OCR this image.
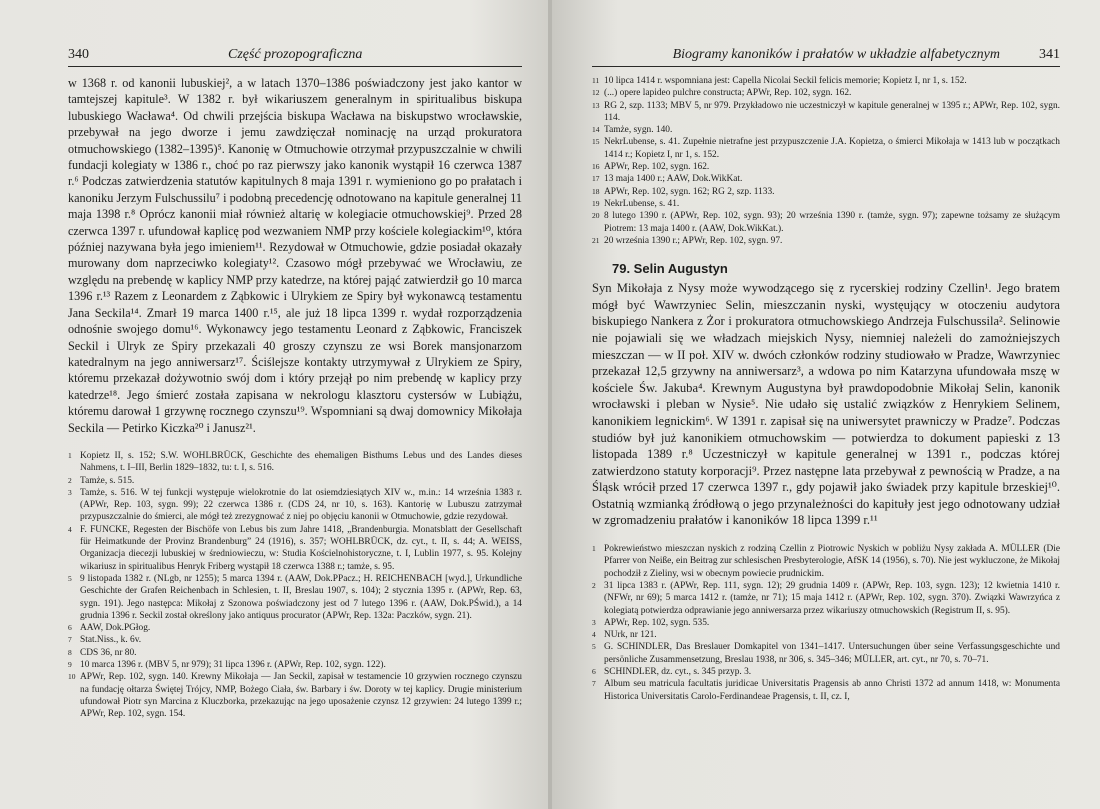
340	Część prozopograficzna

w 1368 r. od kanonii lubuskiej², a w latach 1370–1386 poświadczony jest jako kantor w tamtejszej kapitule³. W 1382 r. był wikariuszem generalnym in spiritualibus biskupa lubuskiego Wacława⁴. Od chwili przejścia biskupa Wacława na biskupstwo wrocławskie, przebywał na jego dworze i jemu zawdzięczał nominację na urząd prokuratora otmuchowskiego (1382–1395)⁵. Kanonię w Otmuchowie otrzymał przypuszczalnie w chwili fundacji kolegiaty w 1386 r., choć po raz pierwszy jako kanonik wystąpił 16 czerwca 1387 r.⁶ Podczas zatwierdzenia statutów kapitulnych 8 maja 1391 r. wymieniono go po prałatach i kanoniku Jerzym Fulschussilu⁷ i podobną precedencję odnotowano na kapitule generalnej 11 maja 1398 r.⁸ Oprócz kanonii miał również altarię w kolegiacie otmuchowskiej⁹. Przed 28 czerwca 1397 r. ufundował kaplicę pod wezwaniem NMP przy kościele kolegiackim¹⁰, która później nazywana była jego imieniem¹¹. Rezydował w Otmuchowie, gdzie posiadał okazały murowany dom naprzeciwko kolegiaty¹². Czasowo mógł przebywać we Wrocławiu, ze względu na prebendę w kaplicy NMP przy katedrze, na której pająć zatwierdził go 10 marca 1396 r.¹³ Razem z Leonardem z Ząbkowic i Ulrykiem ze Spiry był wykonawcą testamentu Jana Seckila¹⁴. Zmarł 19 marca 1400 r.¹⁵, ale już 18 lipca 1399 r. wydał rozporządzenia odnośnie swojego domu¹⁶. Wykonawcy jego testamentu Leonard z Ząbkowic, Franciszek Seckil i Ulryk ze Spiry przekazali 40 groszy czynszu ze wsi Borek mansjonarzom katedralnym na jego anniwersarz¹⁷. Ściślejsze kontakty utrzymywał z Ulrykiem ze Spiry, któremu przekazał dożywotnio swój dom i który przejął po nim prebendę w kaplicy przy katedrze¹⁸. Jego śmierć została zapisana w nekrologu klasztoru cystersów w Lubiążu, któremu darował 1 grzywnę rocznego czynszu¹⁹. Wspomniani są dwaj domownicy Mikołaja Seckila — Petirko Kiczka²⁰ i Janusz²¹.

1 Kopietz II, s. 152; S.W. WOHLBRÜCK, Geschichte des ehemaligen Bisthums Lebus und des Landes dieses Nahmens, t. I–III, Berlin 1829–1832, tu: t. I, s. 516.
2 Tamże, s. 515.
3 Tamże, s. 516. W tej funkcji występuje wielokrotnie do lat osiemdziesiątych XIV w., m.in.: 14 września 1383 r. (APWr, Rep. 103, sygn. 99); 22 czerwca 1386 r. (CDS 24, nr 10, s. 163). Kantorię w Lubuszu zatrzymał przypuszczalnie do śmierci, ale mógł też zrezygnować z niej po objęciu kanonii w Otmuchowie, gdzie rezydował.
4 F. FUNCKE, Regesten der Bischöfe von Lebus bis zum Jahre 1418, „Brandenburgia. Monatsblatt der Gesellschaft für Heimatkunde der Provinz Brandenburg” 24 (1916), s. 357; WOHLBRÜCK, dz. cyt., t. II, s. 44; A. WEISS, Organizacja diecezji lubuskiej w średniowieczu, w: Studia Kościelnohistoryczne, t. I, Lublin 1977, s. 95. Kolejny wikariusz in spiritualibus Henryk Friberg wystąpił 18 czerwca 1388 r.; tamże, s. 95.
5 9 listopada 1382 r. (NLgb, nr 1255); 5 marca 1394 r. (AAW, Dok.PPacz.; H. REICHENBACH [wyd.], Urkundliche Geschichte der Grafen Reichenbach in Schlesien, t. II, Breslau 1907, s. 104); 2 stycznia 1395 r. (APWr, Rep. 63, sygn. 191). Jego następca: Mikołaj z Szonowa poświadczony jest od 7 lutego 1396 r. (AAW, Dok.PŚwid.), a 14 grudnia 1396 r. Seckil został określony jako antiquus procurator (APWr, Rep. 132a: Paczków, sygn. 21).
6 AAW, Dok.PGłog.
7 Stat.Niss., k. 6v.
8 CDS 36, nr 80.
9 10 marca 1396 r. (MBV 5, nr 979); 31 lipca 1396 r. (APWr, Rep. 102, sygn. 122).
10 APWr, Rep. 102, sygn. 140. Krewny Mikołaja — Jan Seckil, zapisał w testamencie 10 grzywien rocznego czynszu na fundację ołtarza Świętej Trójcy, NMP, Bożego Ciała, św. Barbary i św. Doroty w tej kaplicy. Drugie ministerium ufundował Piotr syn Marcina z Kluczborka, przekazując na jego uposażenie czynsz 12 grzywien: 24 lutego 1399 r.; APWr, Rep. 102, sygn. 154.
Biogramy kanoników i prałatów w układzie alfabetycznym	341
11 10 lipca 1414 r. wspomniana jest: Capella Nicolai Seckil felicis memorie; Kopietz I, nr 1, s. 152.
12 (...) opere lapideo pulchre constructa; APWr, Rep. 102, sygn. 162.
13 RG 2, szp. 1133; MBV 5, nr 979. Przykładowo nie uczestniczył w kapitule generalnej w 1395 r.; APWr, Rep. 102, sygn. 114.
14 Tamże, sygn. 140.
15 NekrLubense, s. 41. Zupełnie nietrafne jest przypuszczenie J.A. Kopietza, o śmierci Mikołaja w 1413 lub w początkach 1414 r.; Kopietz I, nr 1, s. 152.
16 APWr, Rep. 102, sygn. 162.
17 13 maja 1400 r.; AAW, Dok.WikKat.
18 APWr, Rep. 102, sygn. 162; RG 2, szp. 1133.
19 NekrLubense, s. 41.
20 8 lutego 1390 r. (APWr, Rep. 102, sygn. 93); 20 września 1390 r. (tamże, sygn. 97); zapewne tożsamy ze służącym Piotrem: 13 maja 1400 r. (AAW, Dok.WikKat.).
21 20 września 1390 r.; APWr, Rep. 102, sygn. 97.
79. Selin Augustyn
Syn Mikołaja z Nysy może wywodzącego się z rycerskiej rodziny Czellin¹. Jego bratem mógł być Wawrzyniec Selin, mieszczanin nyski, wystęujący w otoczeniu audytora biskupiego Nankera z Żor i prokuratora otmuchowskiego Andrzeja Fulschussila². Selinowie nie pojawiali się we władzach miejskich Nysy, niemniej należeli do zamożniejszych mieszczan — w II poł. XIV w. dwóch członków rodziny studiowało w Pradze, Wawrzyniec przekazał 12,5 grzywny na anniwersarz³, a wdowa po nim Katarzyna ufundowała mszę w kościele Św. Jakuba⁴. Krewnym Augustyna był prawdopodobnie Mikołaj Selin, kanonik wrocławski i pleban w Nysie⁵. Nie udało się ustalić związków z Henrykiem Selinem, kanonikiem legnickim⁶. W 1391 r. zapisał się na uniwersytet prawniczy w Pradze⁷. Podczas studiów był już kanonikiem otmuchowskim — potwierdza to dokument papieski z 13 listopada 1389 r.⁸ Uczestniczył w kapitule generalnej w 1391 r., podczas której zatwierdzono statuty korporacji⁹. Przez następne lata przebywał z pewnością w Pradze, a na Śląsk wrócił przed 17 czerwca 1397 r., gdy pojawił jako świadek przy kapitule brzeskiej¹⁰. Ostatnią wzmianką źródłową o jego przynależności do kapituły jest jego odnotowany udział w zgromadzeniu prałatów i kanoników 18 lipca 1399 r.¹¹
1 Pokrewieństwo mieszczan nyskich z rodziną Czellin z Piotrowic Nyskich w pobliżu Nysy zakłada A. MÜLLER (Die Pfarrer von Neiße, ein Beitrag zur schlesischen Presbyterologie, AfSK 14 (1956), s. 70). Nie jest wykluczone, że Mikołaj pochodził z Zieliny, wsi w obecnym powiecie prudnickim.
2 31 lipca 1383 r. (APWr, Rep. 111, sygn. 12); 29 grudnia 1409 r. (APWr, Rep. 103, sygn. 123); 12 kwietnia 1410 r. (NFWr, nr 69); 5 marca 1412 r. (tamże, nr 71); 15 maja 1412 r. (APWr, Rep. 102, sygn. 370). Związki Wawrzyńca z kolegiatą potwierdza odprawianie jego anniwersarza przez wikariuszy otmuchowskich (Registrum II, s. 95).
3 APWr, Rep. 102, sygn. 535.
4 NUrk, nr 121.
5 G. SCHINDLER, Das Breslauer Domkapitel von 1341–1417. Untersuchungen über seine Verfassungsgeschichte und persönliche Zusammensetzung, Breslau 1938, nr 306, s. 345–346; MÜLLER, art. cyt., nr 70, s. 70–71.
6 SCHINDLER, dz. cyt., s. 345 przyp. 3.
7 Album seu matricula facultatis juridicae Universitatis Pragensis ab anno Christi 1372 ad annum 1418, w: Monumenta Historica Universitatis Carolo-Ferdinandeae Pragensis, t. II, cz. I,
